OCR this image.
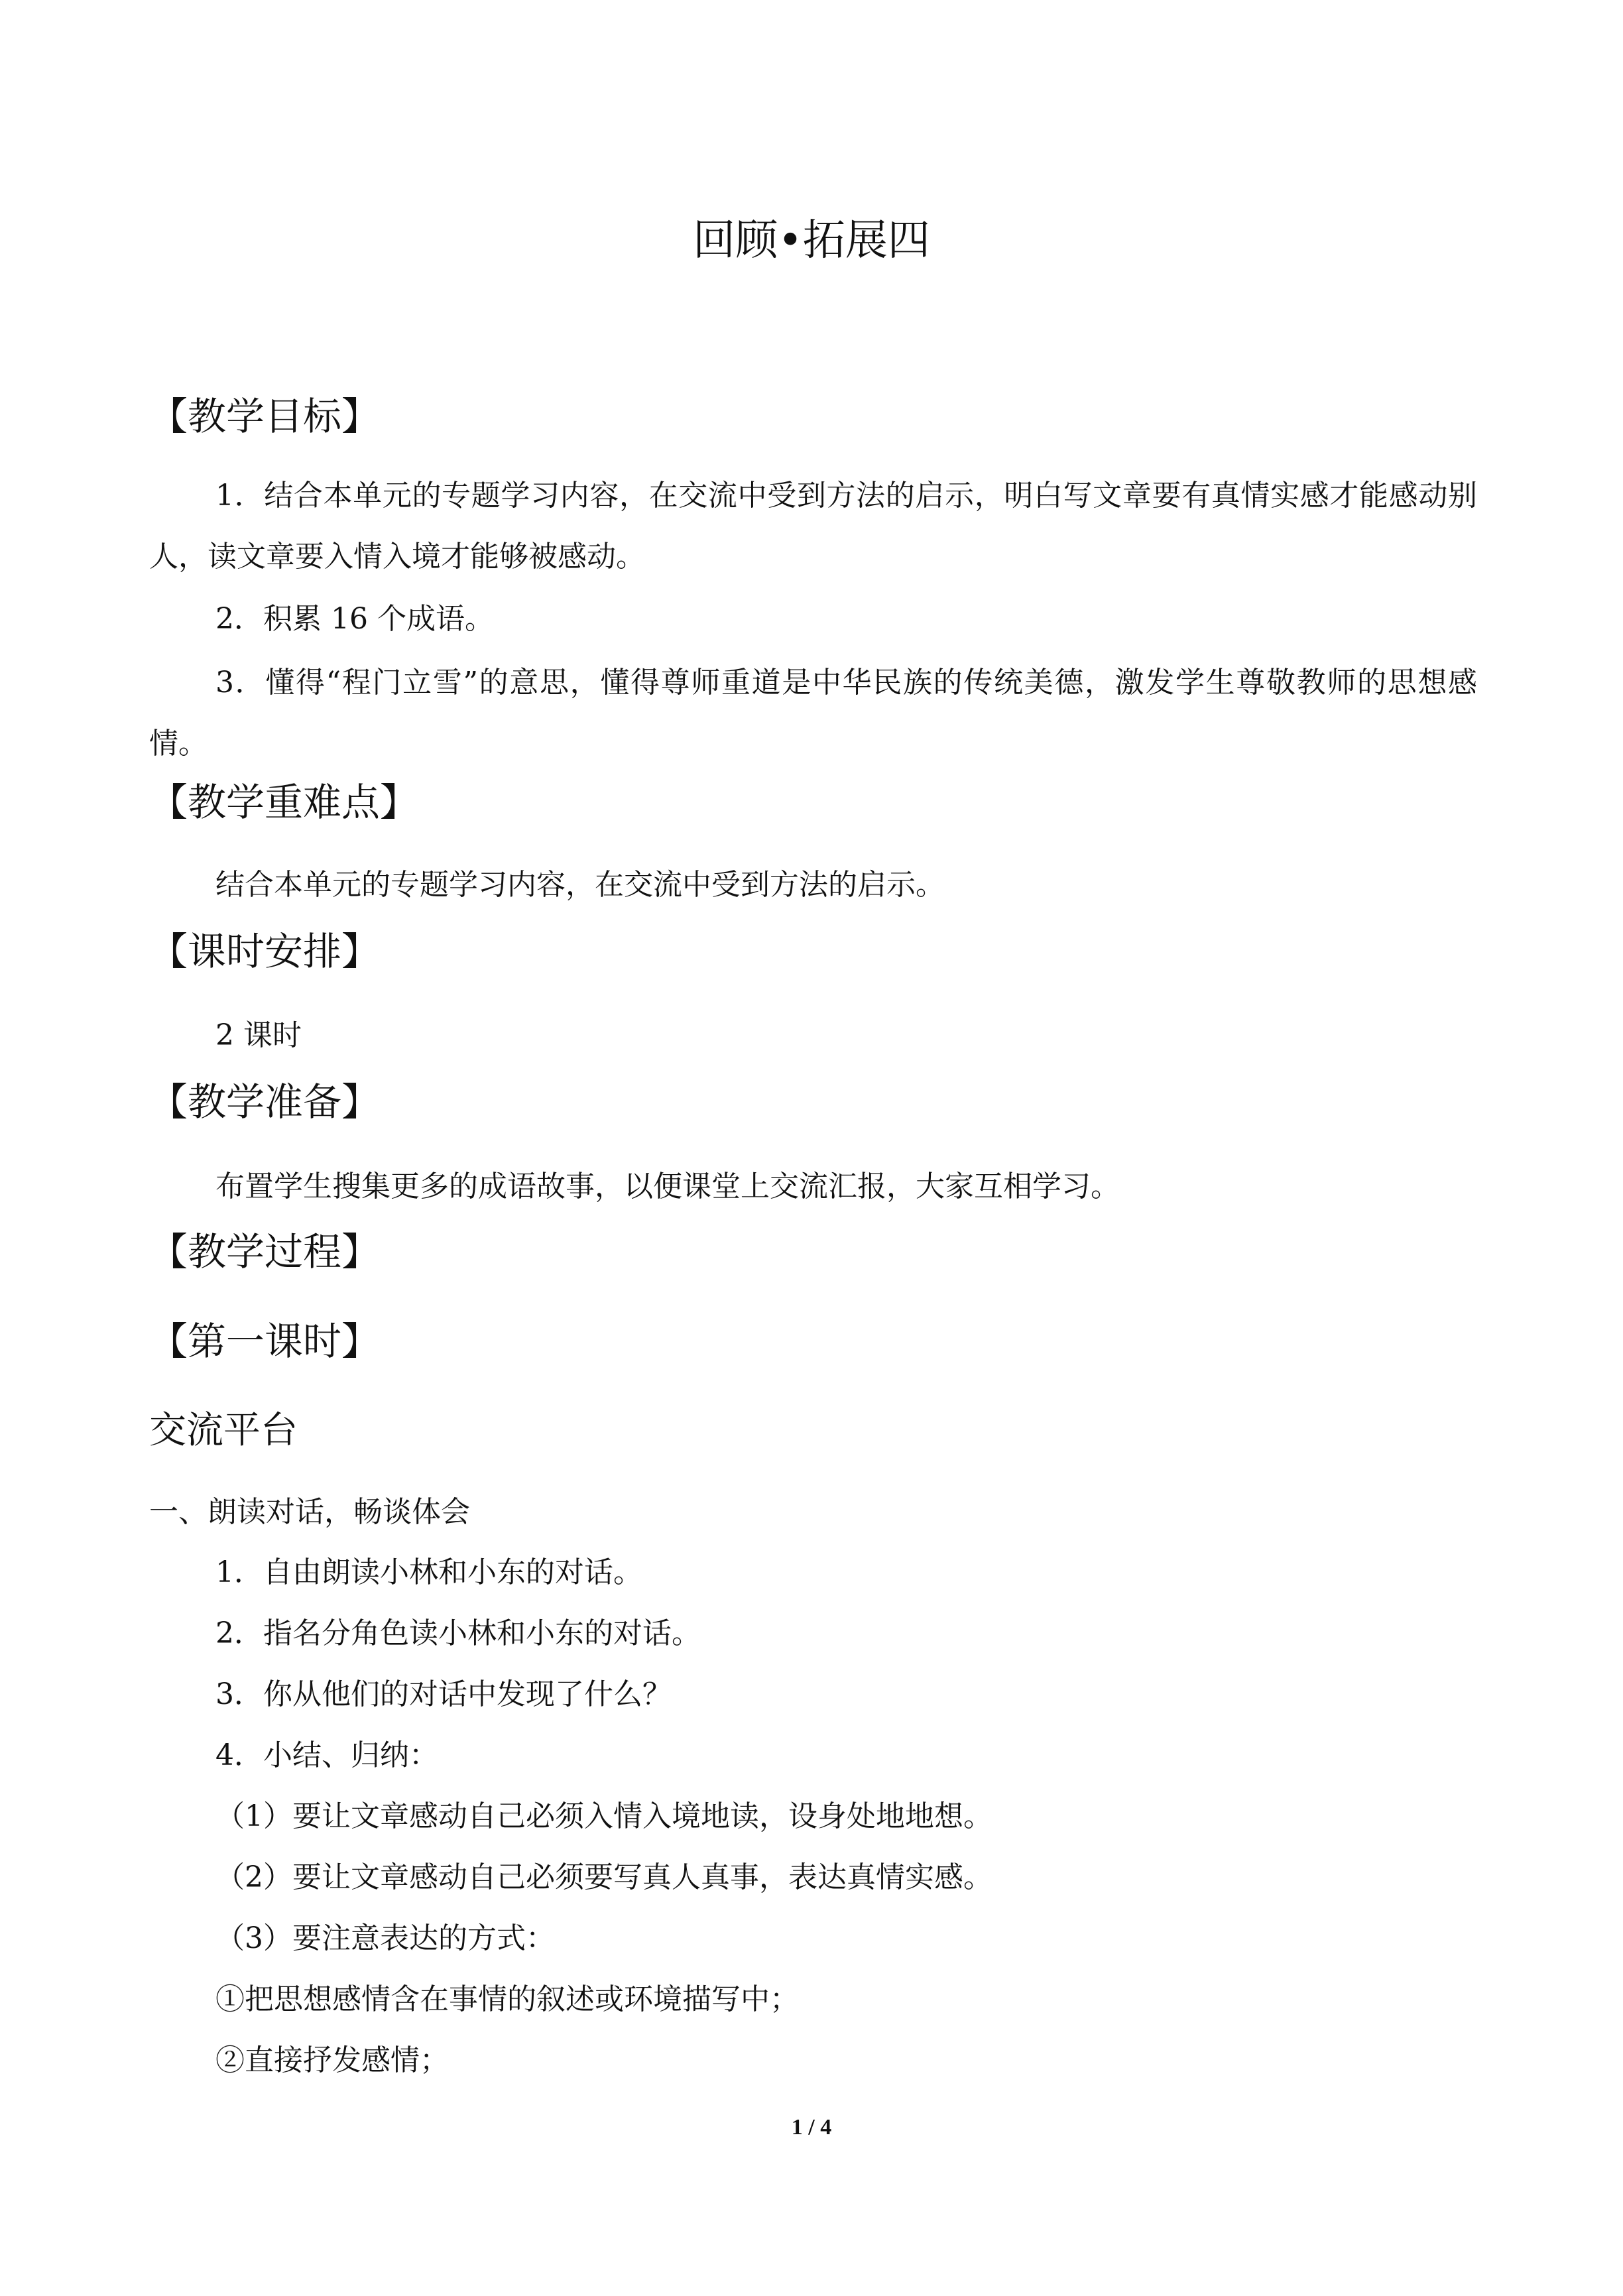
回顾•拓展四
【教学目标】
1．结合本单元的专题学习内容，在交流中受到方法的启示，明白写文章要有真情实感才能感动别人，读文章要入情入境才能够被感动。
2．积累 16 个成语。
3．懂得“程门立雪”的意思，懂得尊师重道是中华民族的传统美德，激发学生尊敬教师的思想感情。
【教学重难点】
结合本单元的专题学习内容，在交流中受到方法的启示。
【课时安排】
2 课时
【教学准备】
布置学生搜集更多的成语故事，以便课堂上交流汇报，大家互相学习。
【教学过程】
【第一课时】
交流平台
一、朗读对话，畅谈体会
1．自由朗读小林和小东的对话。
2．指名分角色读小林和小东的对话。
3．你从他们的对话中发现了什么？
4．小结、归纳：
（1）要让文章感动自己必须入情入境地读，设身处地地想。
（2）要让文章感动自己必须要写真人真事，表达真情实感。
（3）要注意表达的方式：
①把思想感情含在事情的叙述或环境描写中；
②直接抒发感情；
1 / 4
